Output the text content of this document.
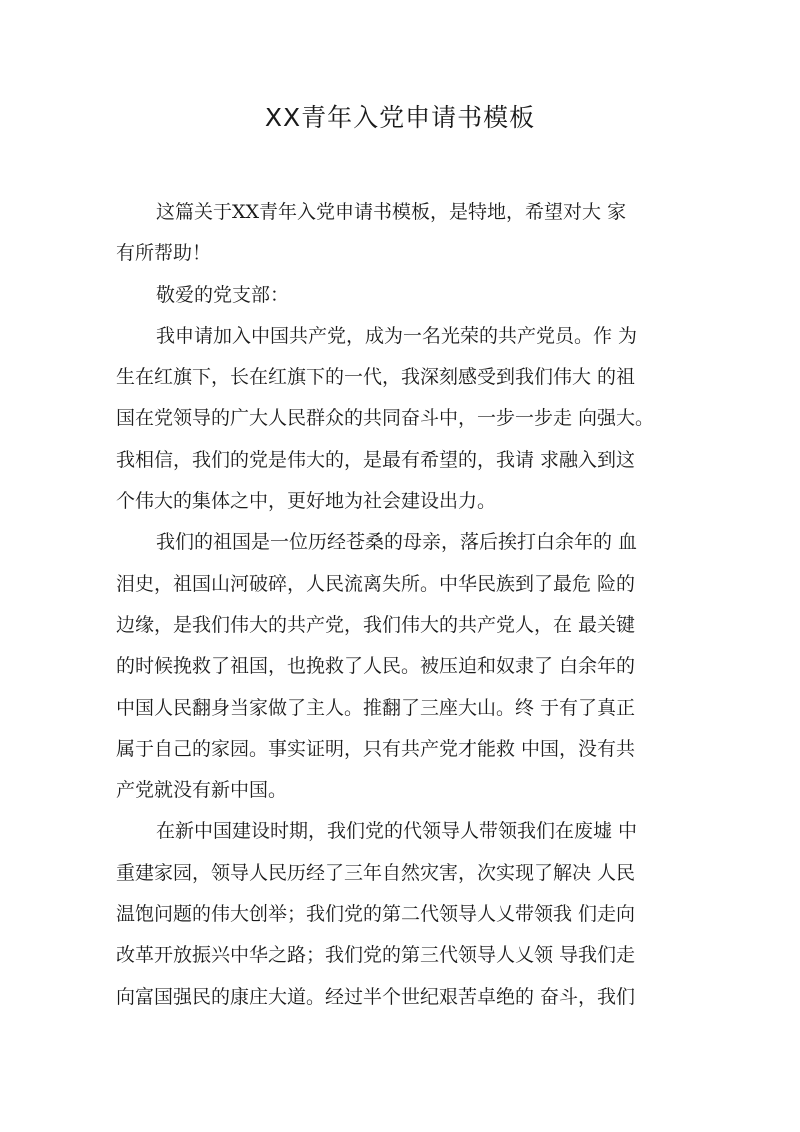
XX青年入党申请书模板
这篇关于XX青年入党申请书模板，是特地，希望对大 家
有所帮助！
敬爱的党支部：
我申请加入中国共产党，成为一名光荣的共产党员。作 为
生在红旗下，长在红旗下的一代，我深刻感受到我们伟大 的祖
国在党领导的广大人民群众的共同奋斗中，一步一步走 向强大。
我相信，我们的党是伟大的，是最有希望的，我请 求融入到这
个伟大的集体之中，更好地为社会建设出力。
我们的祖国是一位历经苍桑的母亲，落后挨打白余年的 血
泪史，祖国山河破碎，人民流离失所。中华民族到了最危 险的
边缘，是我们伟大的共产党，我们伟大的共产党人，在 最关键
的时候挽救了祖国，也挽救了人民。被压迫和奴隶了 白余年的
中国人民翻身当家做了主人。推翻了三座大山。终 于有了真正
属于自己的家园。事实证明，只有共产党才能救 中国，没有共
产党就没有新中国。
在新中国建设时期，我们党的代领导人带领我们在废墟 中
重建家园，领导人民历经了三年自然灾害，次实现了解决 人民
温饱问题的伟大创举；我们党的第二代领导人乂带领我 们走向
改革开放振兴中华之路；我们党的第三代领导人乂领 导我们走
向富国强民的康庄大道。经过半个世纪艰苦卓绝的 奋斗，我们
